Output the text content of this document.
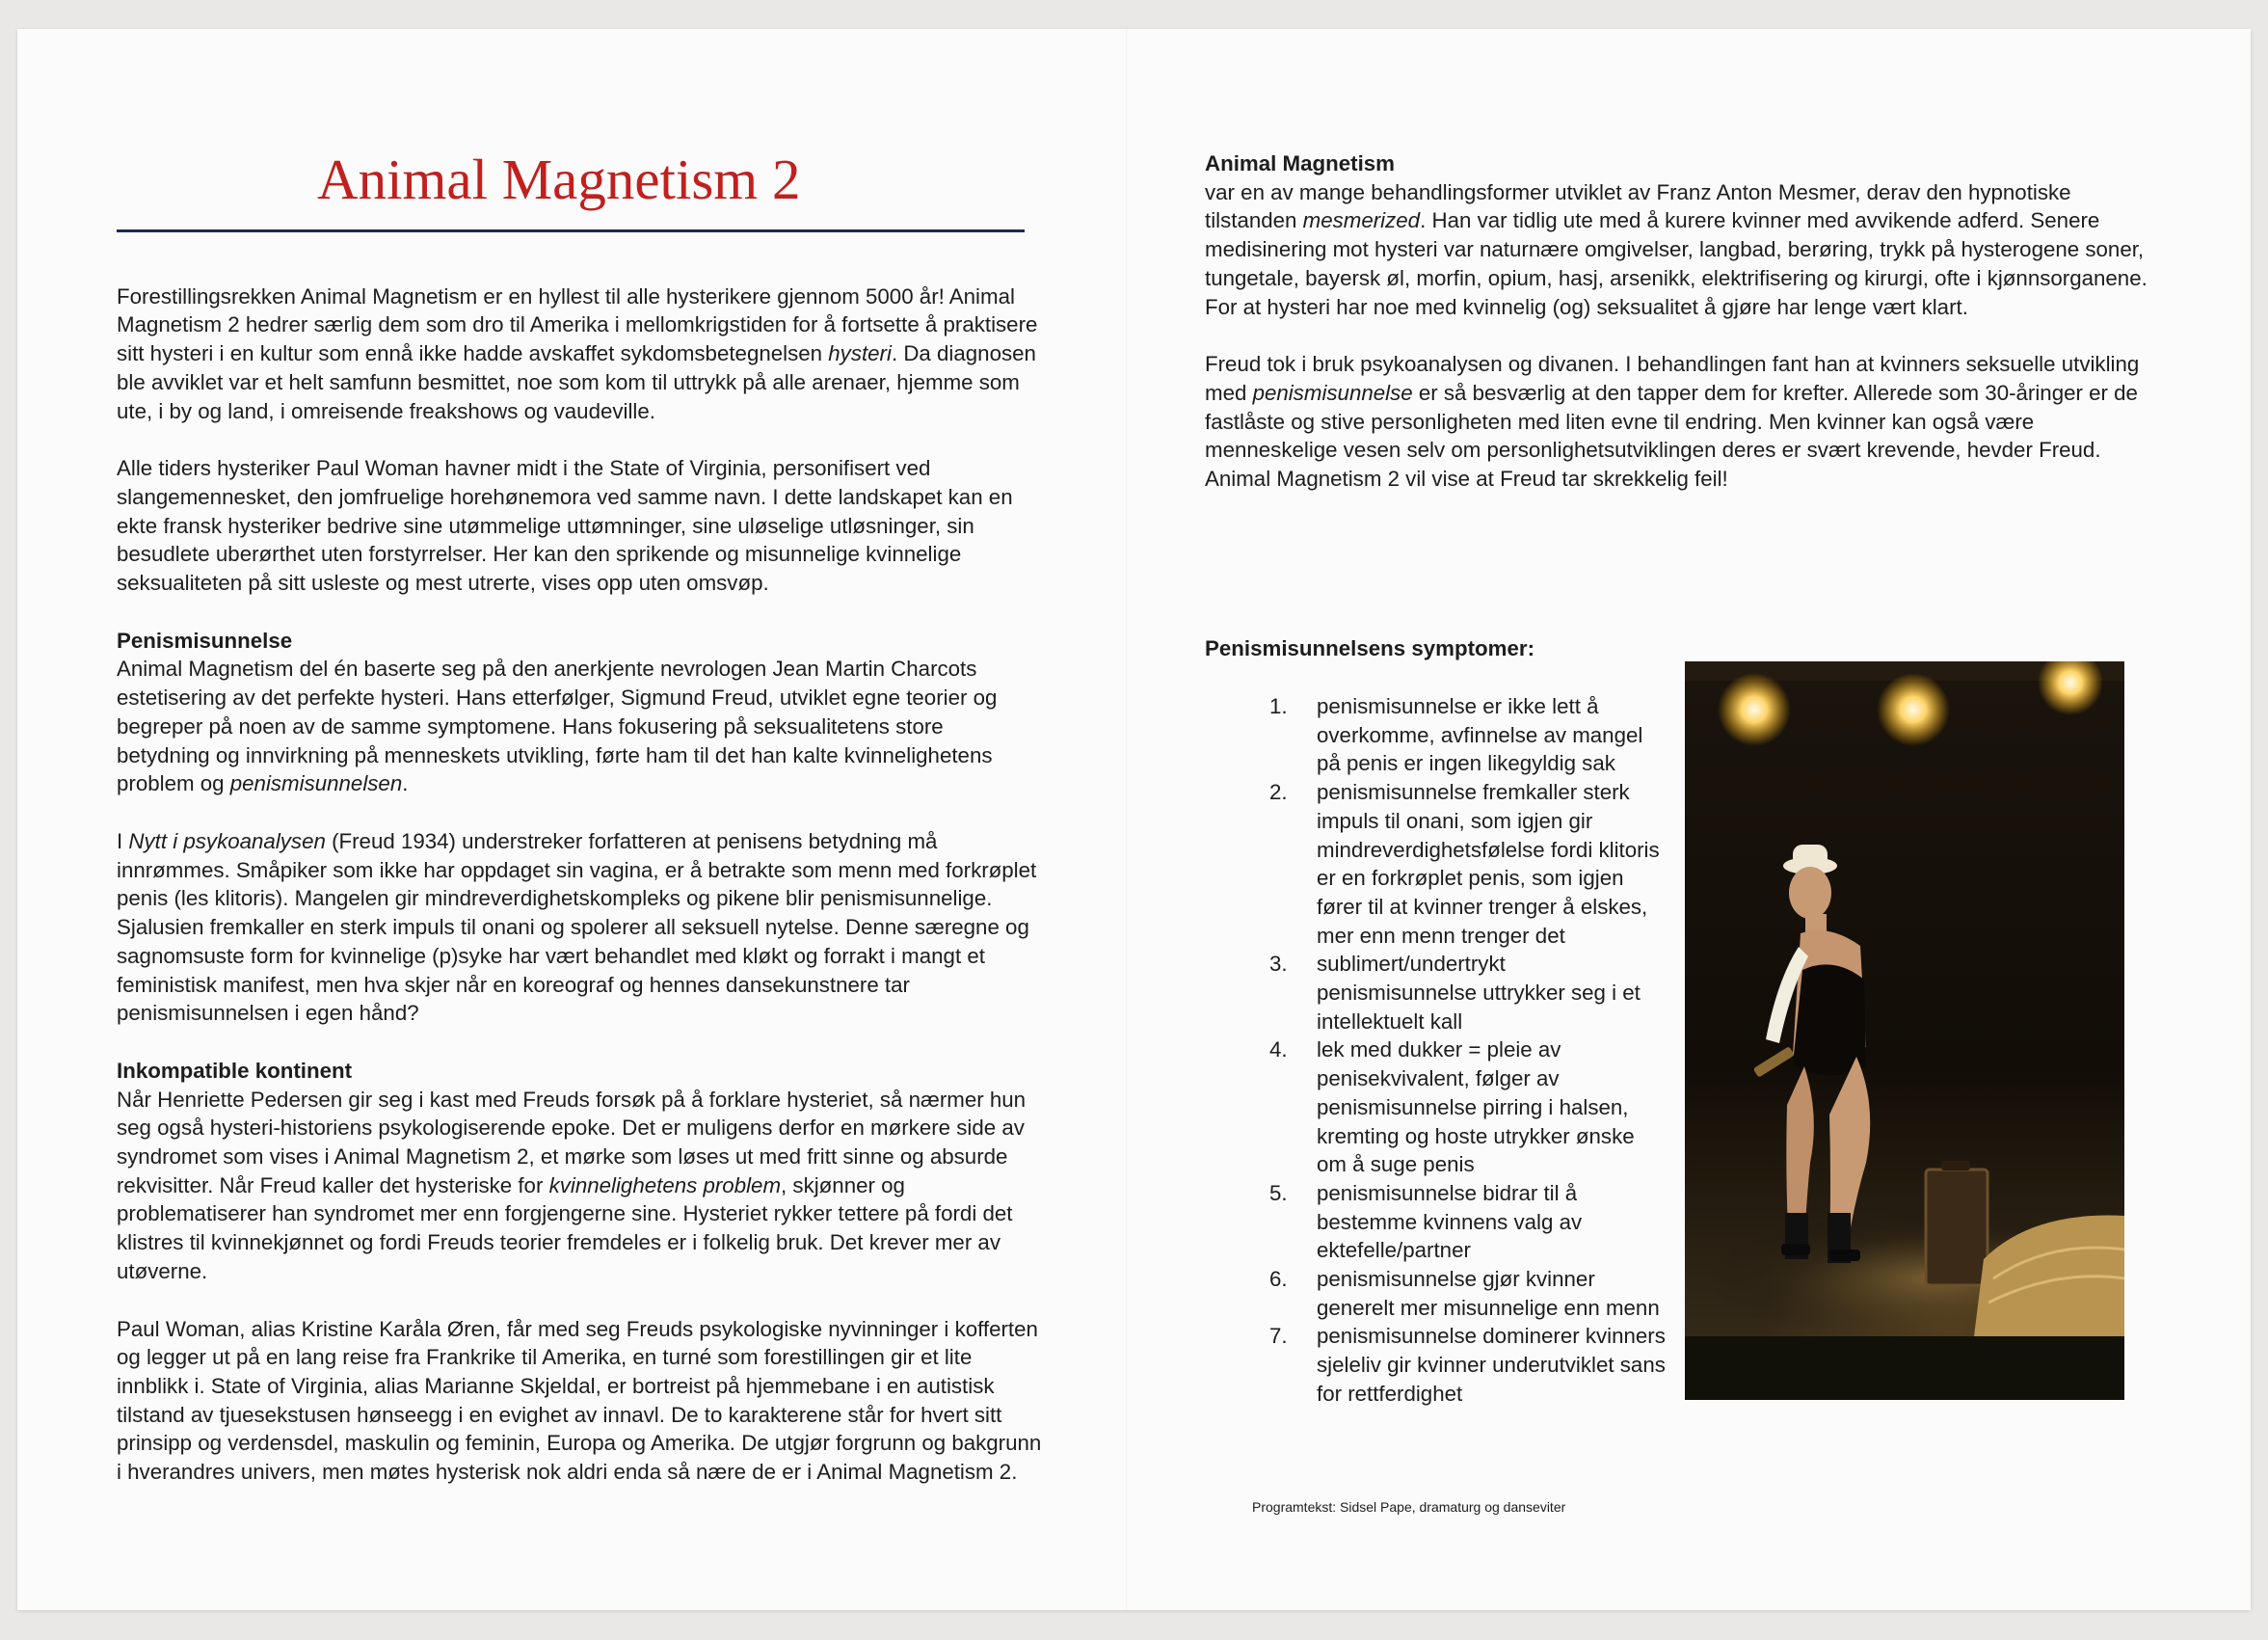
Animal Magnetism 2

Forestillingsrekken Animal Magnetism er en hyllest til alle hysterikere gjennom 5000 år! Animal Magnetism 2 hedrer særlig dem som dro til Amerika i mellomkrigstiden for å fortsette å praktisere sitt hysteri i en kultur som ennå ikke hadde avskaffet sykdomsbetegnelsen hysteri. Da diagnosen ble avviklet var et helt samfunn besmittet, noe som kom til uttrykk på alle arenaer, hjemme som ute, i by og land, i omreisende freakshows og vaudeville.

Alle tiders hysteriker Paul Woman havner midt i the State of Virginia, personifisert ved slangemennesket, den jomfruelige horehønemora ved samme navn. I dette landskapet kan en ekte fransk hysteriker bedrive sine utømmelige uttømninger, sine uløselige utløsninger, sin besudlete uberørthet uten forstyrrelser. Her kan den sprikende og misunnelige kvinnelige seksualiteten på sitt usleste og mest utrerte, vises opp uten omsvøp.

Penismisunnelse
Animal Magnetism del én baserte seg på den anerkjente nevrologen Jean Martin Charcots estetisering av det perfekte hysteri. Hans etterfølger, Sigmund Freud, utviklet egne teorier og begreper på noen av de samme symptomene. Hans fokusering på seksualitetens store betydning og innvirkning på menneskets utvikling, førte ham til det han kalte kvinnelighetens problem og penismisunnelsen.

I Nytt i psykoanalysen (Freud 1934) understreker forfatteren at penisens betydning må innrømmes. Småpiker som ikke har oppdaget sin vagina, er å betrakte som menn med forkrøplet penis (les klitoris). Mangelen gir mindreverdighetskompleks og pikene blir penismisunnelige. Sjalusien fremkaller en sterk impuls til onani og spolerer all seksuell nytelse. Denne særegne og sagnomsuste form for kvinnelige (p)syke har vært behandlet med kløkt og forrakt i mangt et feministisk manifest, men hva skjer når en koreograf og hennes dansekunstnere tar penismisunnelsen i egen hånd?

Inkompatible kontinent
Når Henriette Pedersen gir seg i kast med Freuds forsøk på å forklare hysteriet, så nærmer hun seg også hysteri-historiens psykologiserende epoke. Det er muligens derfor en mørkere side av syndromet som vises i Animal Magnetism 2, et mørke som løses ut med fritt sinne og absurde rekvisitter. Når Freud kaller det hysteriske for kvinnelighetens problem, skjønner og problematiserer han syndromet mer enn forgjengerne sine. Hysteriet rykker tettere på fordi det klistres til kvinnekjønnet og fordi Freuds teorier fremdeles er i folkelig bruk. Det krever mer av utøverne.

Paul Woman, alias Kristine Karåla Øren, får med seg Freuds psykologiske nyvinninger i kofferten og legger ut på en lang reise fra Frankrike til Amerika, en turné som forestillingen gir et lite innblikk i. State of Virginia, alias Marianne Skjeldal, er bortreist på hjemmebane i en autistisk tilstand av tjuesekstusen hønseegg i en evighet av innavl. De to karakterene står for hvert sitt prinsipp og verdensdel, maskulin og feminin, Europa og Amerika. De utgjør forgrunn og bakgrunn i hverandres univers, men møtes hysterisk nok aldri enda så nære de er i Animal Magnetism 2.

Animal Magnetism
var en av mange behandlingsformer utviklet av Franz Anton Mesmer, derav den hypnotiske tilstanden mesmerized. Han var tidlig ute med å kurere kvinner med avvikende adferd. Senere medisinering mot hysteri var naturnære omgivelser, langbad, berøring, trykk på hysterogene soner, tungetale, bayersk øl, morfin, opium, hasj, arsenikk, elektrifisering og kirurgi, ofte i kjønnsorganene. For at hysteri har noe med kvinnelig (og) seksualitet å gjøre har lenge vært klart.

Freud tok i bruk psykoanalysen og divanen. I behandlingen fant han at kvinners seksuelle utvikling med penismisunnelse er så besværlig at den tapper dem for krefter. Allerede som 30-åringer er de fastlåste og stive personligheten med liten evne til endring. Men kvinner kan også være menneskelige vesen selv om personlighetsutviklingen deres er svært krevende, hevder Freud. Animal Magnetism 2 vil vise at Freud tar skrekkelig feil!

Penismisunnelsens symptomer:
1. penismisunnelse er ikke lett å overkomme, avfinnelse av mangel på penis er ingen likegyldig sak
2. penismisunnelse fremkaller sterk impuls til onani, som igjen gir mindreverdighetsfølelse fordi klitoris er en forkrøplet penis, som igjen fører til at kvinner trenger å elskes, mer enn menn trenger det
3. sublimert/undertrykt penismisunnelse uttrykker seg i et intellektuelt kall
4. lek med dukker = pleie av penisekvivalent, følger av penismisunnelse pirring i halsen, kremting og hoste utrykker ønske om å suge penis
5. penismisunnelse bidrar til å bestemme kvinnens valg av ektefelle/partner
6. penismisunnelse gjør kvinner generelt mer misunnelige enn menn
7. penismisunnelse dominerer kvinners sjeleliv gir kvinner underutviklet sans for rettferdighet
Programtekst: Sidsel Pape, dramaturg og danseviter
